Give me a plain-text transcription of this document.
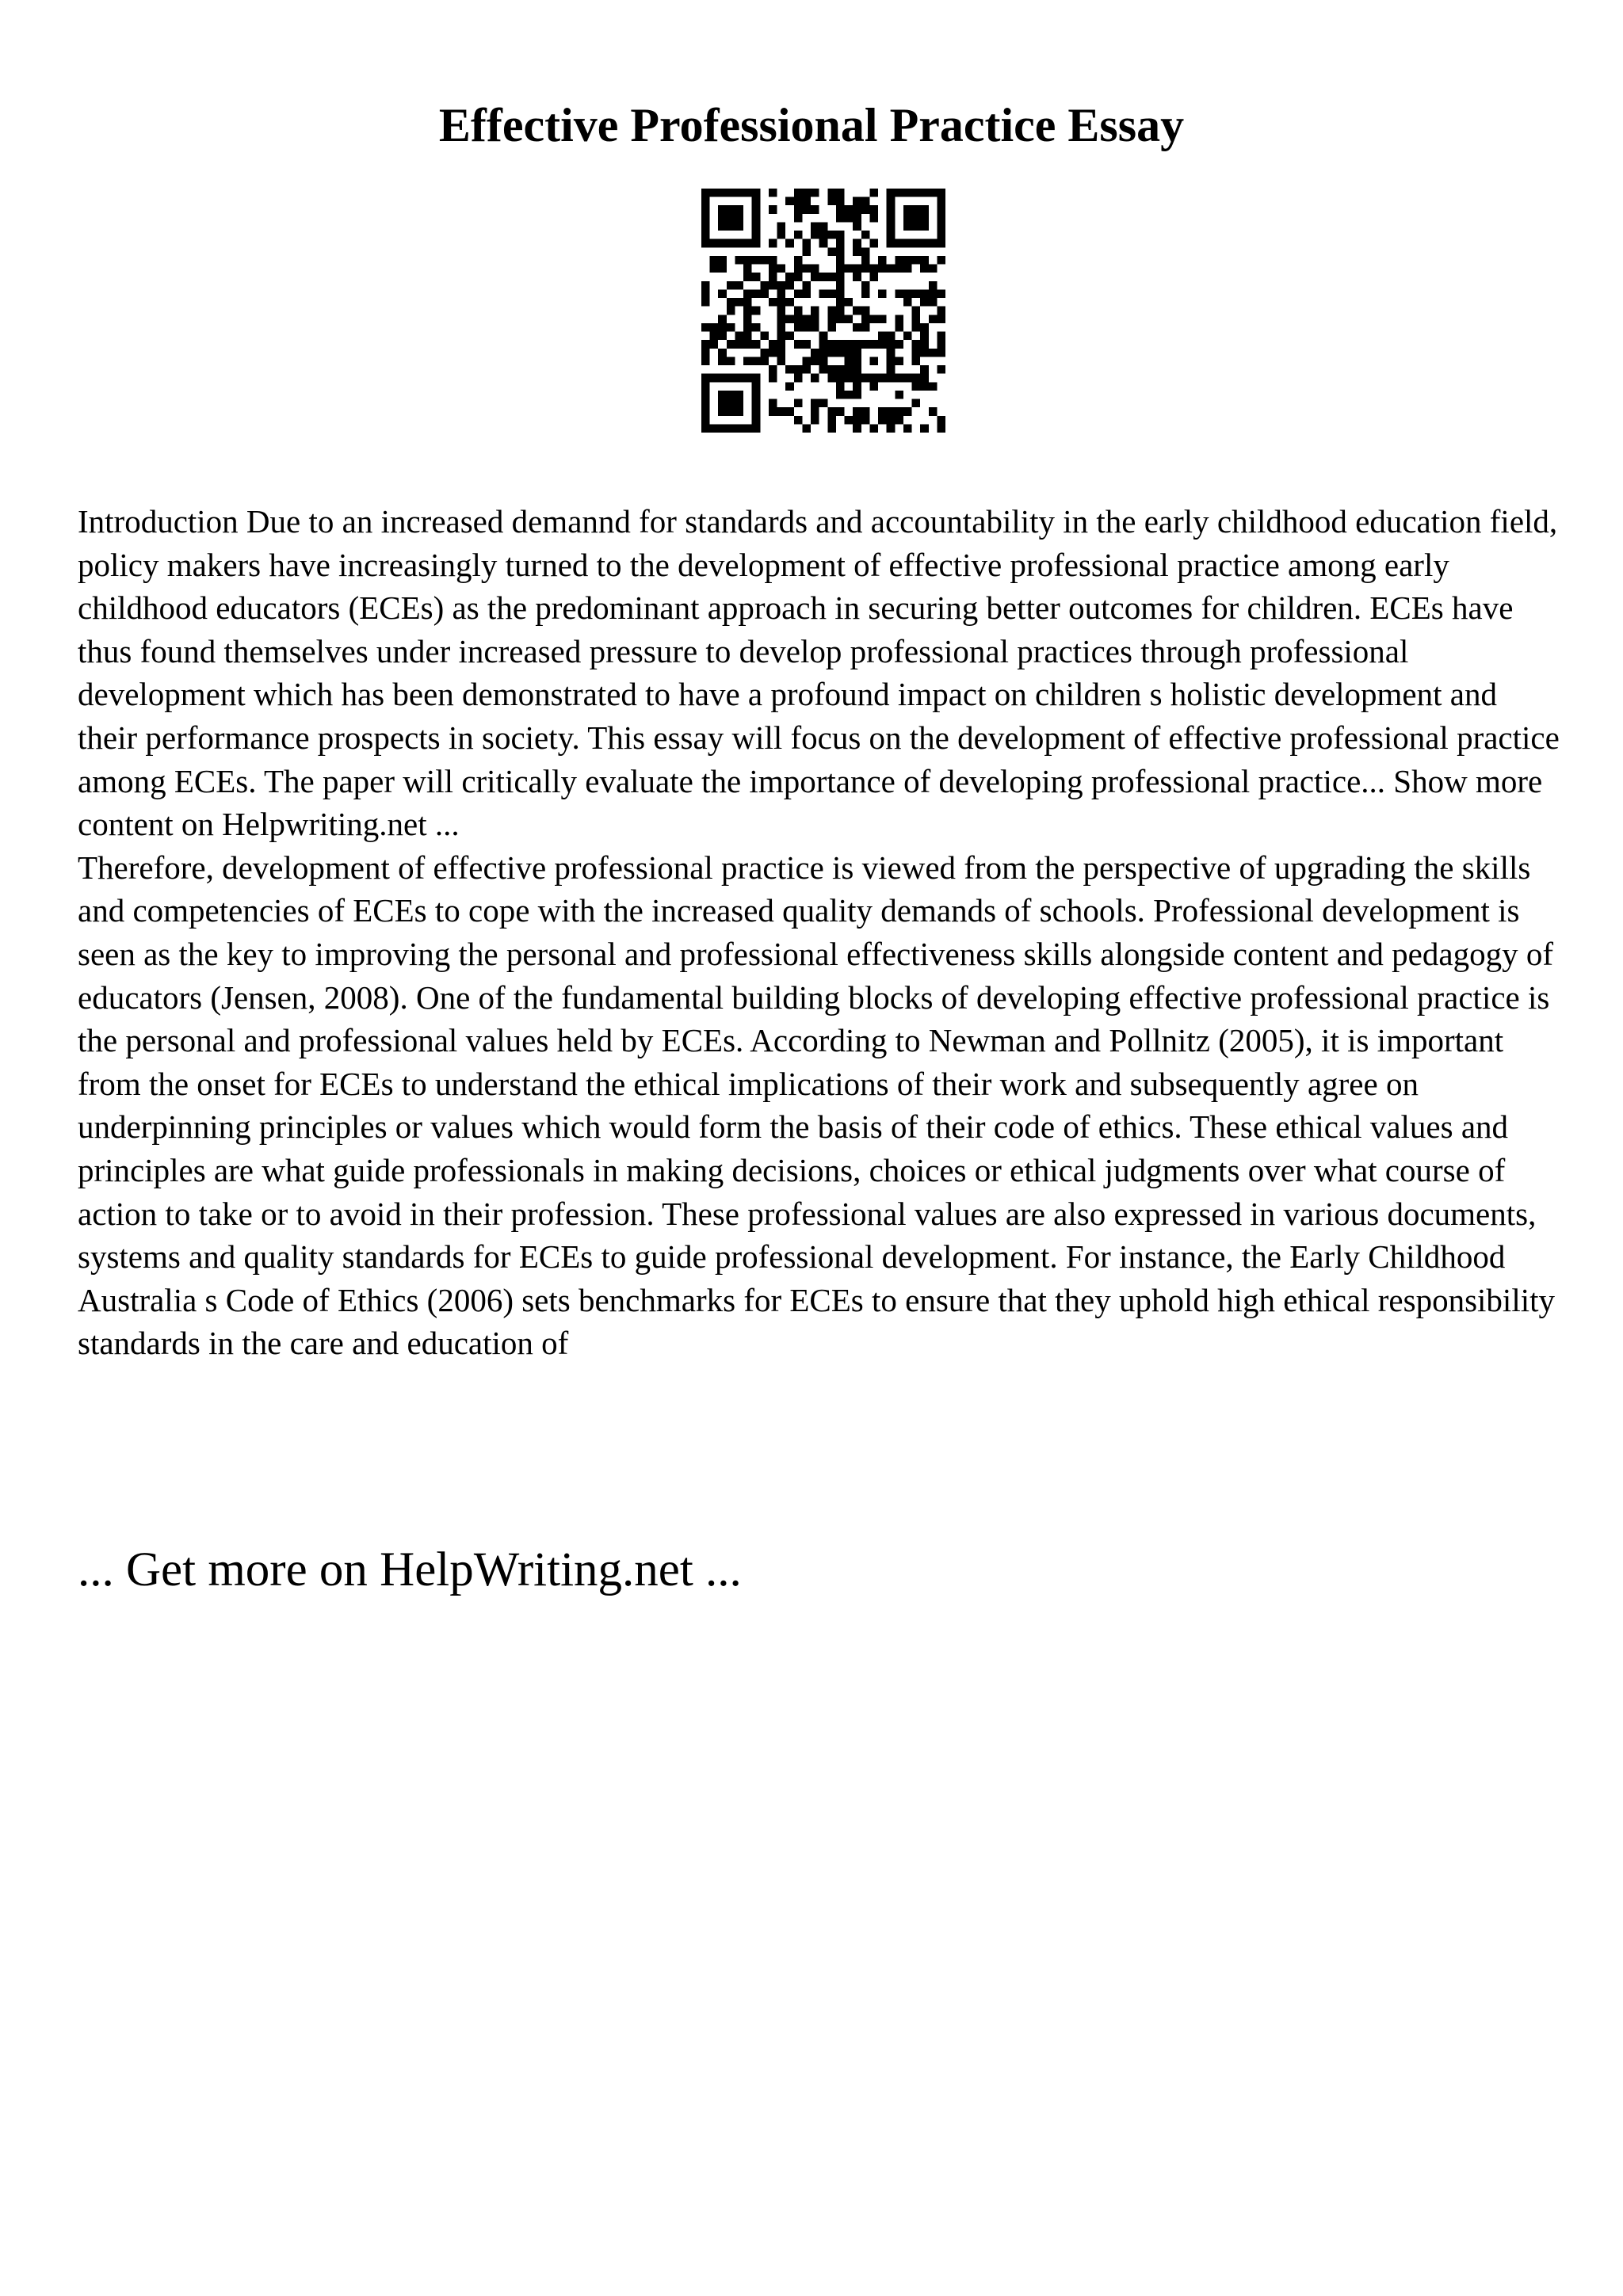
Effective Professional Practice Essay

Introduction Due to an increased demannd for standards and accountability in the early childhood education field, policy makers have increasingly turned to the development of effective professional practice among early childhood educators (ECEs) as the predominant approach in securing better outcomes for children. ECEs have thus found themselves under increased pressure to develop professional practices through professional development which has been demonstrated to have a profound impact on children s holistic development and their performance prospects in society. This essay will focus on the development of effective professional practice among ECEs. The paper will critically evaluate the importance of developing professional practice... Show more content on Helpwriting.net ...

Therefore, development of effective professional practice is viewed from the perspective of upgrading the skills and competencies of ECEs to cope with the increased quality demands of schools. Professional development is seen as the key to improving the personal and professional effectiveness skills alongside content and pedagogy of educators (Jensen, 2008). One of the fundamental building blocks of developing effective professional practice is the personal and professional values held by ECEs. According to Newman and Pollnitz (2005), it is important from the onset for ECEs to understand the ethical implications of their work and subsequently agree on underpinning principles or values which would form the basis of their code of ethics. These ethical values and principles are what guide professionals in making decisions, choices or ethical judgments over what course of action to take or to avoid in their profession. These professional values are also expressed in various documents, systems and quality standards for ECEs to guide professional development. For instance, the Early Childhood Australia s Code of Ethics (2006) sets benchmarks for ECEs to ensure that they uphold high ethical responsibility standards in the care and education of

... Get more on HelpWriting.net ...
